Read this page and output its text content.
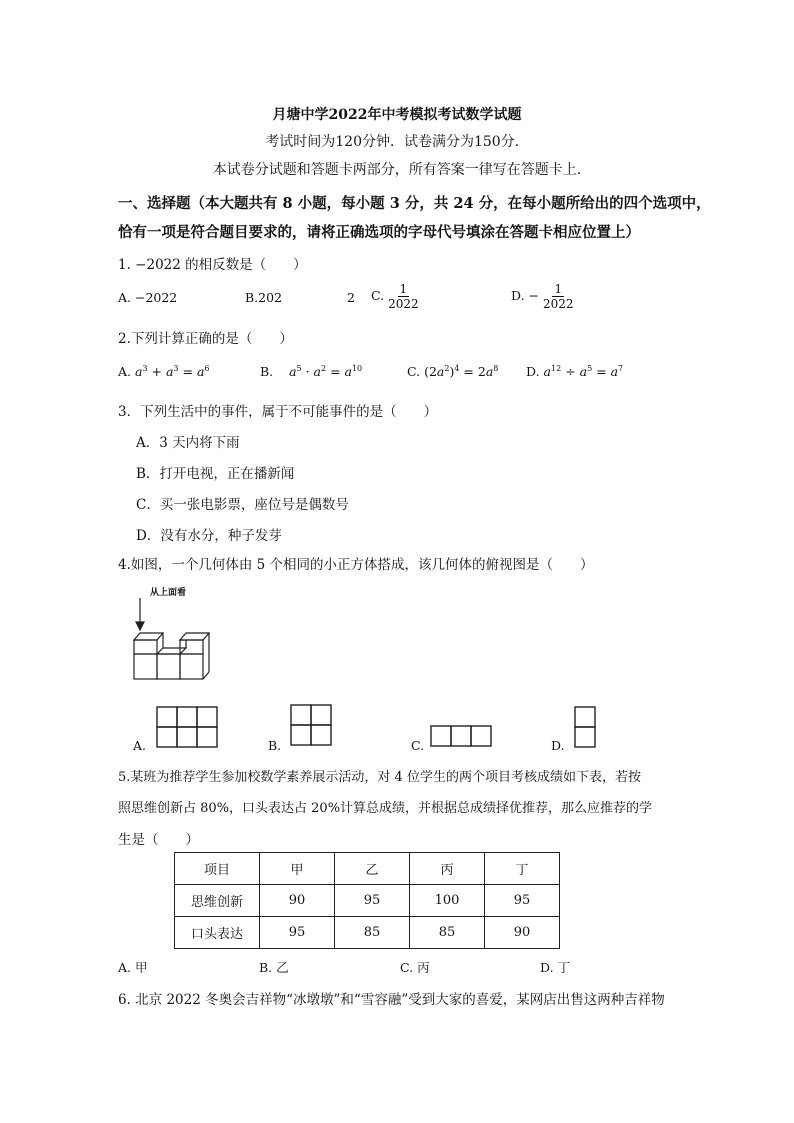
月塘中学2022年中考模拟考试数学试题
考试时间为120分钟．试卷满分为150分．
本试卷分试题和答题卡两部分，所有答案一律写在答题卡上.
一、选择题（本大题共有 8 小题，每小题 3 分，共 24 分，在每小题所给出的四个选项中，
恰有一项是符合题目要求的，请将正确选项的字母代号填涂在答题卡相应位置上）
1. −2022 的相反数是（　　）
A. −2022	B.202	2 C. $\frac{1}{2022}$	D. − $\frac{1}{2022}$
2.下列计算正确的是（　　）
A. $a^3 + a^3 = a^6$	B. $a^5 \cdot a^2 = a^{10}$	C. $(2a^2)^4 = 2a^8$ D. $a^{12} \div a^5 = a^7$
3．下列生活中的事件，属于不可能事件的是（　　）
A．3 天内将下雨
B．打开电视，正在播新闻
C．买一张电影票，座位号是偶数号
D．没有水分，种子发芽
4.如图，一个几何体由 5 个相同的小正方体搭成，该几何体的俯视图是（　　）
从上面看
A.	B.	C.	D.
5.某班为推荐学生参加校数学素养展示活动，对 4 位学生的两个项目考核成绩如下表，若按
照思维创新占 80%，口头表达占 20%计算总成绩，并根据总成绩择优推荐，那么应推荐的学
生是（　　）
项目	甲	乙	丙	丁
思维创新	90	95	100	95
口头表达	95	85	85	90
A. 甲	B. 乙	C. 丙	D. 丁
6. 北京 2022 冬奥会吉祥物“冰墩墩”和“雪容融”受到大家的喜爱，某网店出售这两种吉祥物
